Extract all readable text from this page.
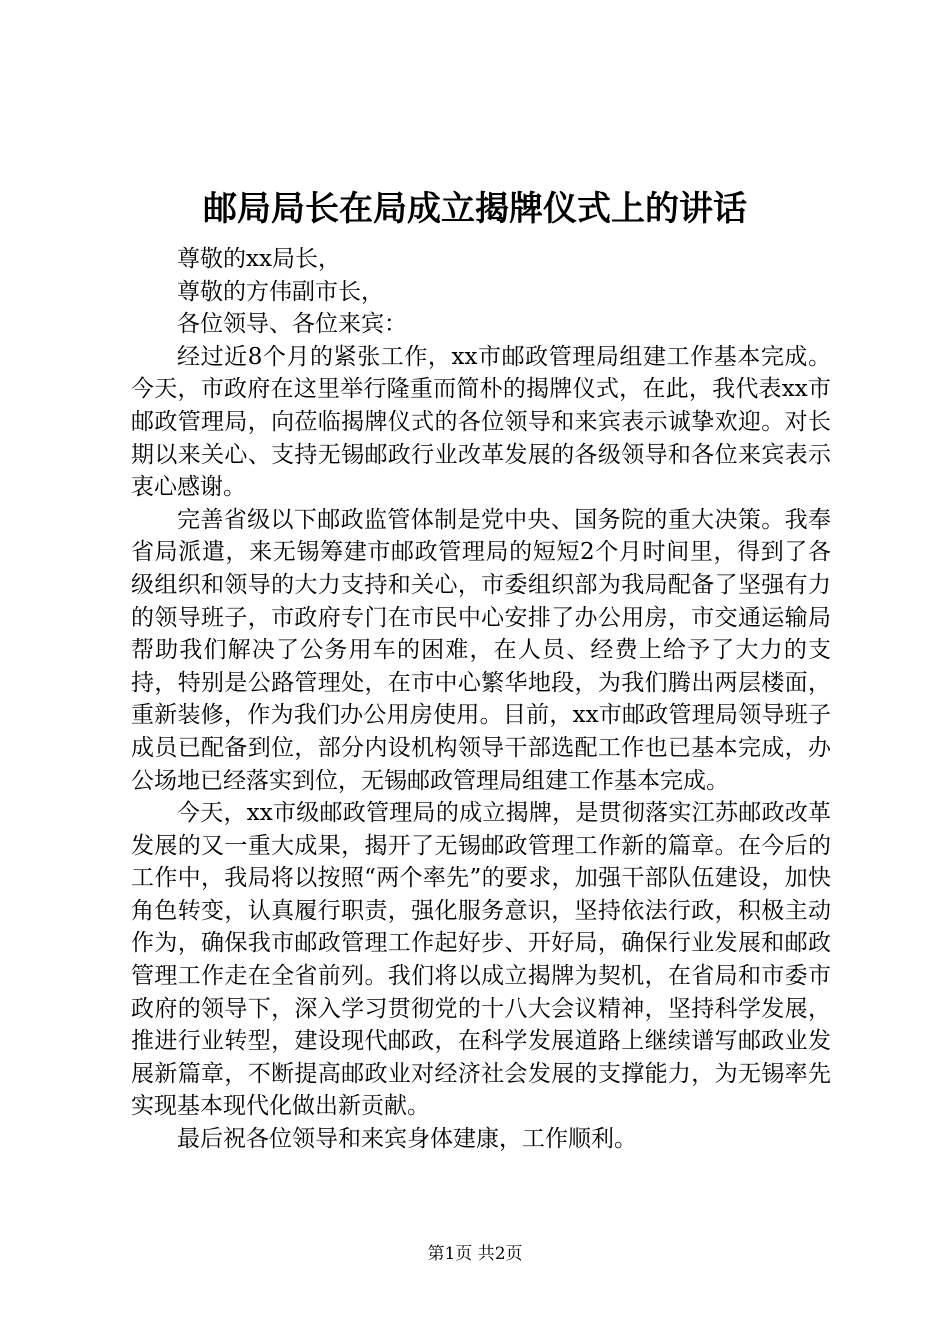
邮局局长在局成立揭牌仪式上的讲话

尊敬的xx局长，

尊敬的方伟副市长，

各位领导、各位来宾：

经过近8个月的紧张工作，xx市邮政管理局组建工作基本完成。今天，市政府在这里举行隆重而简朴的揭牌仪式，在此，我代表xx市邮政管理局，向莅临揭牌仪式的各位领导和来宾表示诚挚欢迎。对长期以来关心、支持无锡邮政行业改革发展的各级领导和各位来宾表示衷心感谢。

完善省级以下邮政监管体制是党中央、国务院的重大决策。我奉省局派遣，来无锡筹建市邮政管理局的短短2个月时间里，得到了各级组织和领导的大力支持和关心，市委组织部为我局配备了坚强有力的领导班子，市政府专门在市民中心安排了办公用房，市交通运输局帮助我们解决了公务用车的困难，在人员、经费上给予了大力的支持，特别是公路管理处，在市中心繁华地段，为我们腾出两层楼面，重新装修，作为我们办公用房使用。目前，xx市邮政管理局领导班子成员已配备到位，部分内设机构领导干部选配工作也已基本完成，办公场地已经落实到位，无锡邮政管理局组建工作基本完成。

今天，xx市级邮政管理局的成立揭牌，是贯彻落实江苏邮政改革发展的又一重大成果，揭开了无锡邮政管理工作新的篇章。在今后的工作中，我局将以按照“两个率先”的要求，加强干部队伍建设，加快角色转变，认真履行职责，强化服务意识，坚持依法行政，积极主动作为，确保我市邮政管理工作起好步、开好局，确保行业发展和邮政管理工作走在全省前列。我们将以成立揭牌为契机，在省局和市委市政府的领导下，深入学习贯彻党的十八大会议精神，坚持科学发展，推进行业转型，建设现代邮政，在科学发展道路上继续谱写邮政业发展新篇章，不断提高邮政业对经济社会发展的支撑能力，为无锡率先实现基本现代化做出新贡献。

最后祝各位领导和来宾身体建康，工作顺利。

第1页 共2页
